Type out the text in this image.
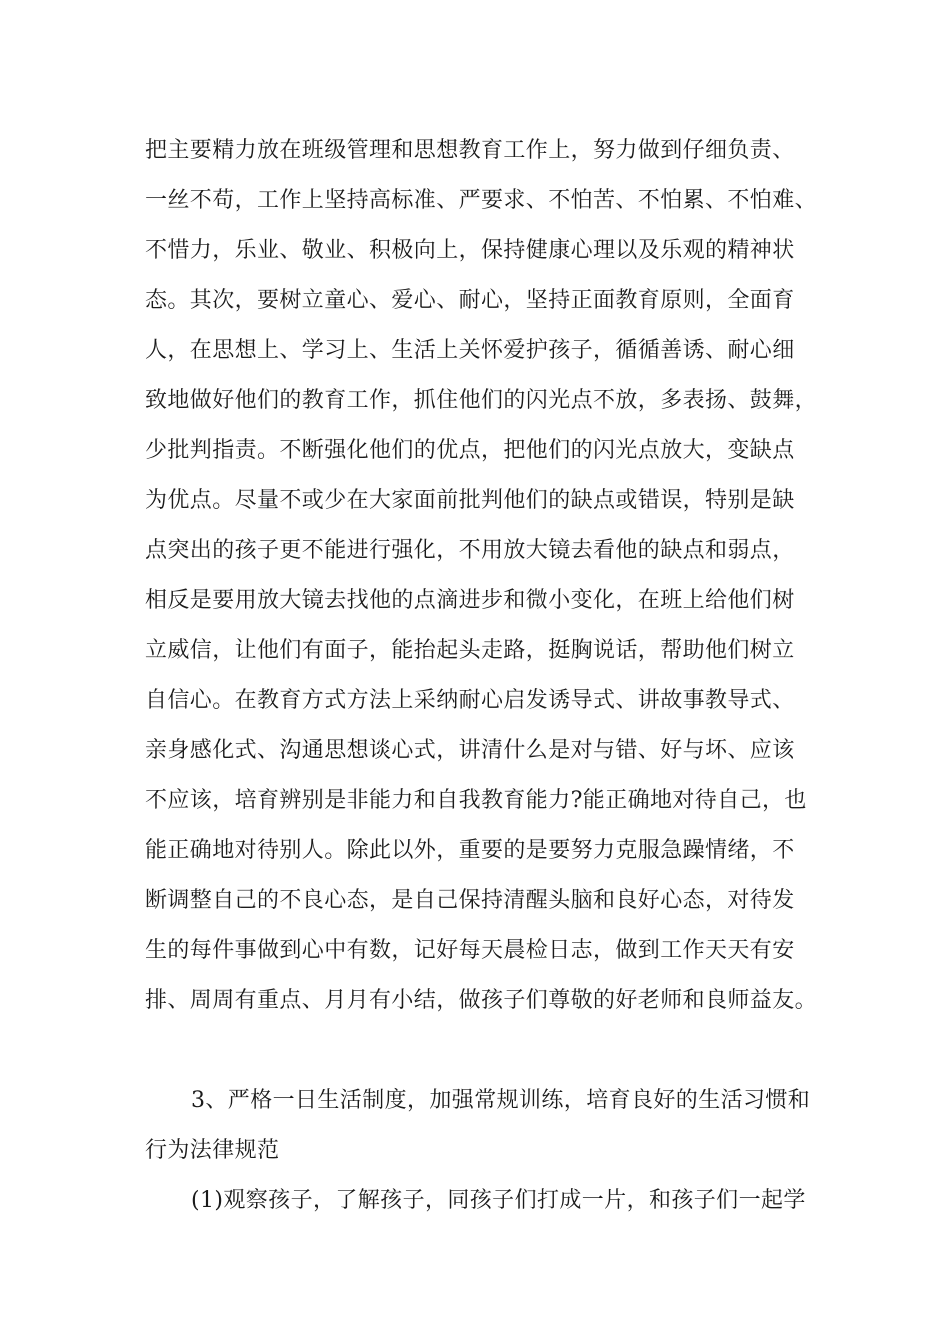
把主要精力放在班级管理和思想教育工作上，努力做到仔细负责、
一丝不苟，工作上坚持高标准、严要求、不怕苦、不怕累、不怕难、
不惜力，乐业、敬业、积极向上，保持健康心理以及乐观的精神状
态。其次，要树立童心、爱心、耐心，坚持正面教育原则，全面育
人，在思想上、学习上、生活上关怀爱护孩子，循循善诱、耐心细
致地做好他们的教育工作，抓住他们的闪光点不放，多表扬、鼓舞，
少批判指责。不断强化他们的优点，把他们的闪光点放大，变缺点
为优点。尽量不或少在大家面前批判他们的缺点或错误，特别是缺
点突出的孩子更不能进行强化，不用放大镜去看他的缺点和弱点，
相反是要用放大镜去找他的点滴进步和微小变化，在班上给他们树
立威信，让他们有面子，能抬起头走路，挺胸说话，帮助他们树立
自信心。在教育方式方法上采纳耐心启发诱导式、讲故事教导式、
亲身感化式、沟通思想谈心式，讲清什么是对与错、好与坏、应该
不应该，培育辨别是非能力和自我教育能力?能正确地对待自己，也
能正确地对待别人。除此以外，重要的是要努力克服急躁情绪，不
断调整自己的不良心态，是自己保持清醒头脑和良好心态，对待发
生的每件事做到心中有数，记好每天晨检日志，做到工作天天有安
排、周周有重点、月月有小结，做孩子们尊敬的好老师和良师益友。
3、严格一日生活制度，加强常规训练，培育良好的生活习惯和
行为法律规范
(1)观察孩子，了解孩子，同孩子们打成一片，和孩子们一起学
